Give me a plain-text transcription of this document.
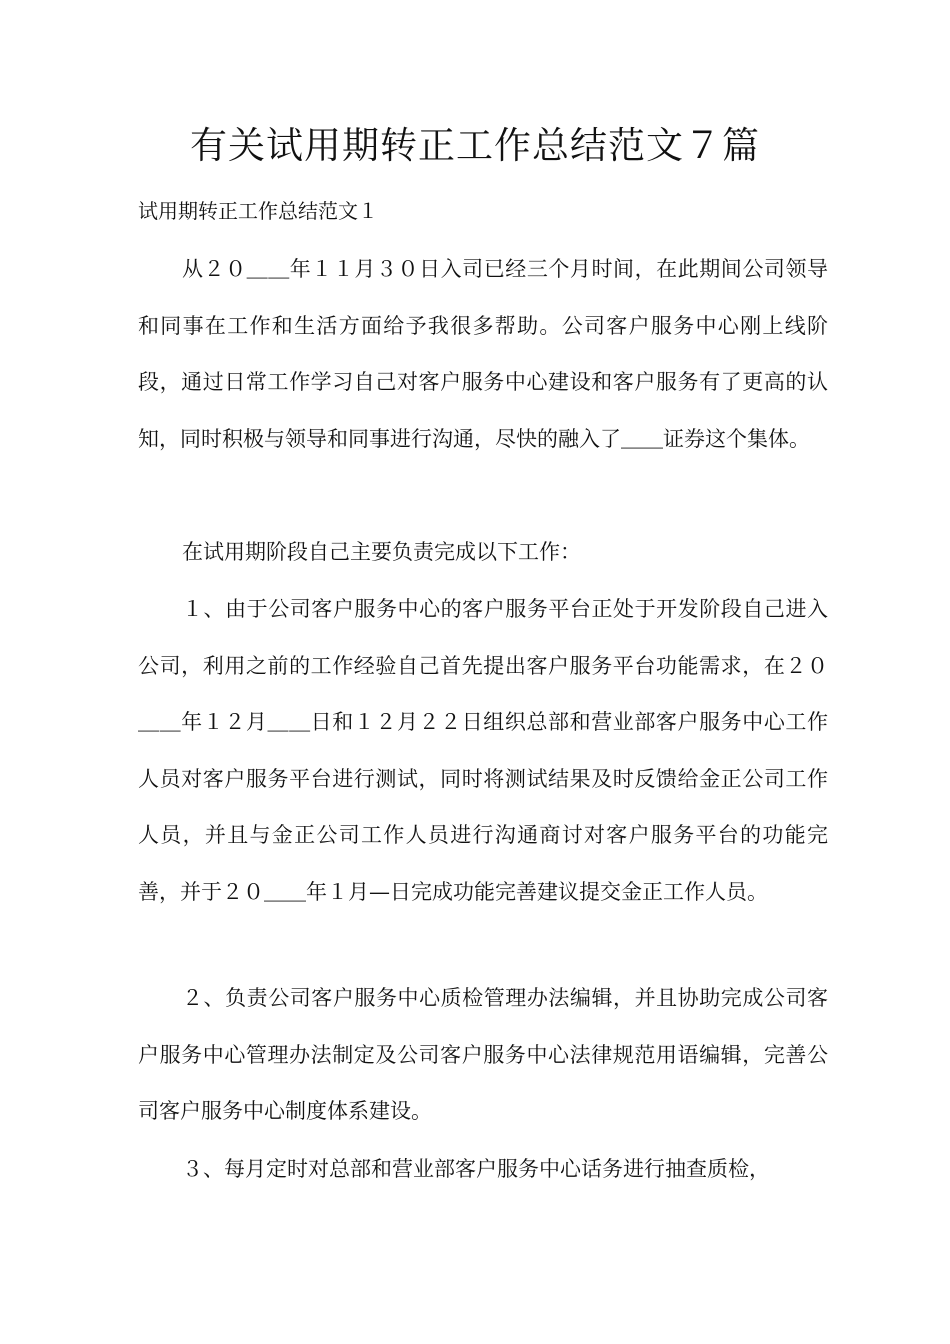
有关试用期转正工作总结范文７篇

试用期转正工作总结范文１

从２０＿＿年１１月３０日入司已经三个月时间，在此期间公司领导和同事在工作和生活方面给予我很多帮助。公司客户服务中心刚上线阶段，通过日常工作学习自己对客户服务中心建设和客户服务有了更高的认知，同时积极与领导和同事进行沟通，尽快的融入了＿＿证券这个集体。

在试用期阶段自己主要负责完成以下工作：

１、由于公司客户服务中心的客户服务平台正处于开发阶段自己进入公司，利用之前的工作经验自己首先提出客户服务平台功能需求，在２０＿＿年１２月＿＿日和１２月２２日组织总部和营业部客户服务中心工作人员对客户服务平台进行测试，同时将测试结果及时反馈给金正公司工作人员，并且与金正公司工作人员进行沟通商讨对客户服务平台的功能完善，并于２０＿＿年１月—日完成功能完善建议提交金正工作人员。

２、负责公司客户服务中心质检管理办法编辑，并且协助完成公司客户服务中心管理办法制定及公司客户服务中心法律规范用语编辑，完善公司客户服务中心制度体系建设。

３、每月定时对总部和营业部客户服务中心话务进行抽查质检，
